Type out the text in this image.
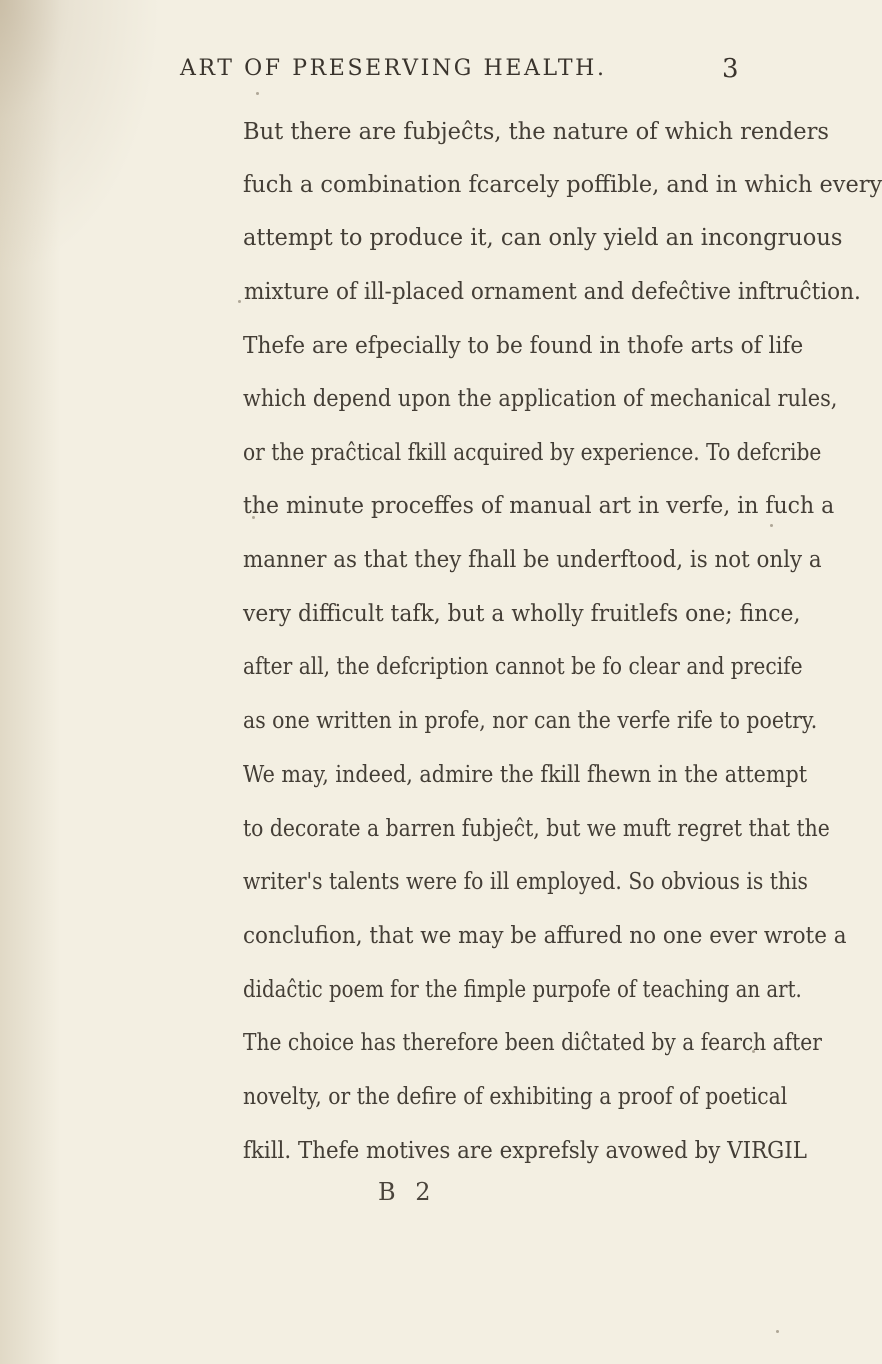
ART OF PRESERVING HEALTH.	3
But there are fubjeĉts, the nature of which renders
fuch a combination fcarcely poffible, and in which every
attempt to produce it, can only yield an incongruous
mixture of ill-placed ornament and defeĉtive inftruĉtion.
Thefe are efpecially to be found in thofe arts of life
which depend upon the application of mechanical rules,
or the praĉtical fkill acquired by experience. To defcribe
the minute proceffes of manual art in verfe, in fuch a
manner as that they fhall be underftood, is not only a
very difficult tafk, but a wholly fruitlefs one; fince,
after all, the defcription cannot be fo clear and precife
as one written in profe, nor can the verfe rife to poetry.
We may, indeed, admire the fkill fhewn in the attempt
to decorate a barren fubjeĉt, but we muft regret that the
writer's talents were fo ill employed. So obvious is this
conclufion, that we may be affured no one ever wrote a
didaĉtic poem for the fimple purpofe of teaching an art.
The choice has therefore been diĉtated by a fearch after
novelty, or the defire of exhibiting a proof of poetical
fkill. Thefe motives are exprefsly avowed by VIRGIL
B 2
